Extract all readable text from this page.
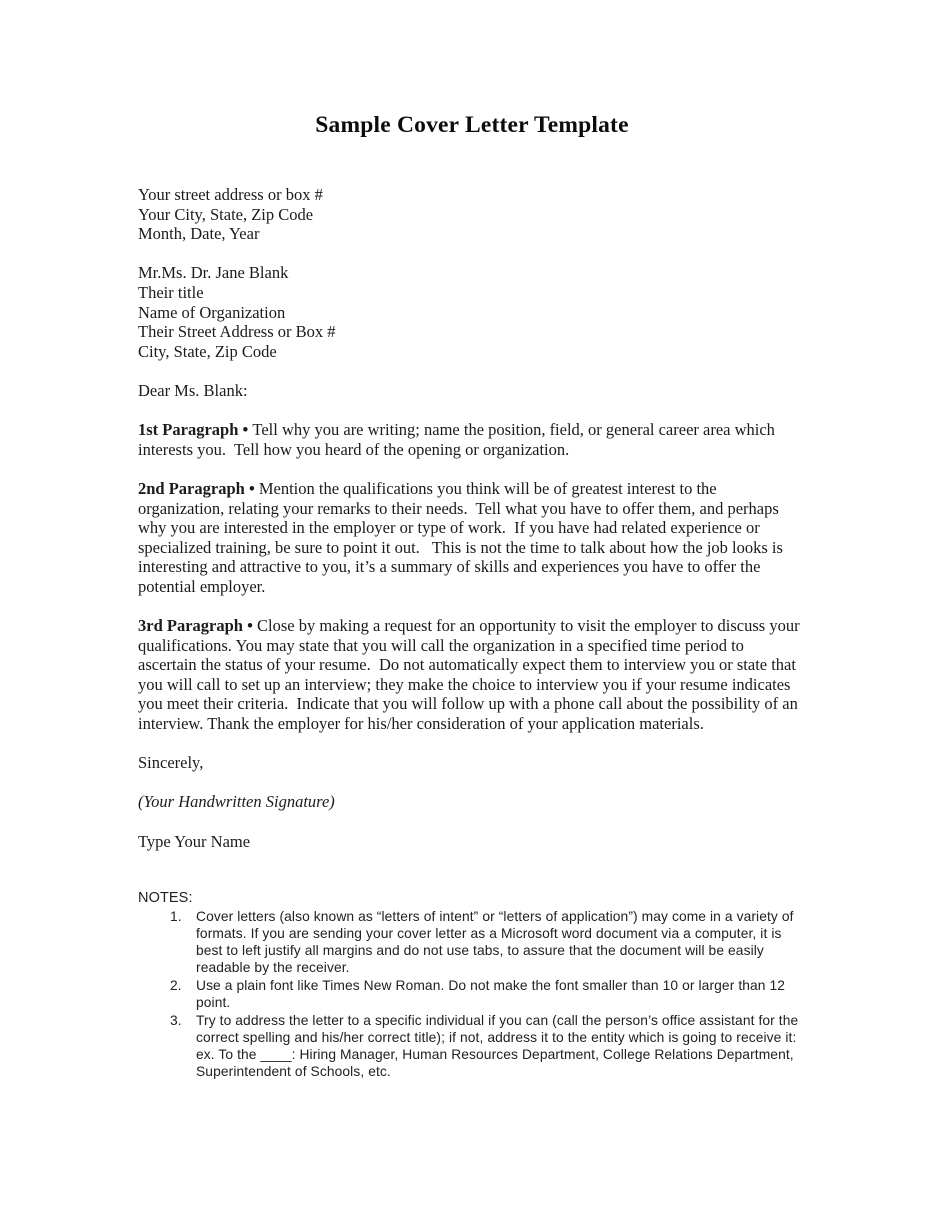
Sample Cover Letter Template
Your street address or box #
Your City, State, Zip Code
Month, Date, Year
Mr.Ms. Dr. Jane Blank
Their title
Name of Organization
Their Street Address or Box #
City, State, Zip Code
Dear Ms. Blank:

1st Paragraph • Tell why you are writing; name the position, field, or general career area which interests you.  Tell how you heard of the opening or organization.

2nd Paragraph • Mention the qualifications you think will be of greatest interest to the organization, relating your remarks to their needs.  Tell what you have to offer them, and perhaps why you are interested in the employer or type of work.  If you have had related experience or specialized training, be sure to point it out.   This is not the time to talk about how the job looks is interesting and attractive to you, it’s a summary of skills and experiences you have to offer the potential employer.

3rd Paragraph • Close by making a request for an opportunity to visit the employer to discuss your qualifications. You may state that you will call the organization in a specified time period to ascertain the status of your resume.  Do not automatically expect them to interview you or state that you will call to set up an interview; they make the choice to interview you if your resume indicates you meet their criteria.  Indicate that you will follow up with a phone call about the possibility of an interview. Thank the employer for his/her consideration of your application materials.

Sincerely,
(Your Handwritten Signature)
Type Your Name
NOTES:
1.	Cover letters (also known as “letters of intent” or “letters of application”) may come in a variety of formats. If you are sending your cover letter as a Microsoft word document via a computer, it is best to left justify all margins and do not use tabs, to assure that the document will be easily readable by the receiver.
2.	Use a plain font like Times New Roman. Do not make the font smaller than 10 or larger than 12 point.
3.	Try to address the letter to a specific individual if you can (call the person’s office assistant for the correct spelling and his/her correct title); if not, address it to the entity which is going to receive it: ex. To the ____: Hiring Manager, Human Resources Department, College Relations Department, Superintendent of Schools, etc.
